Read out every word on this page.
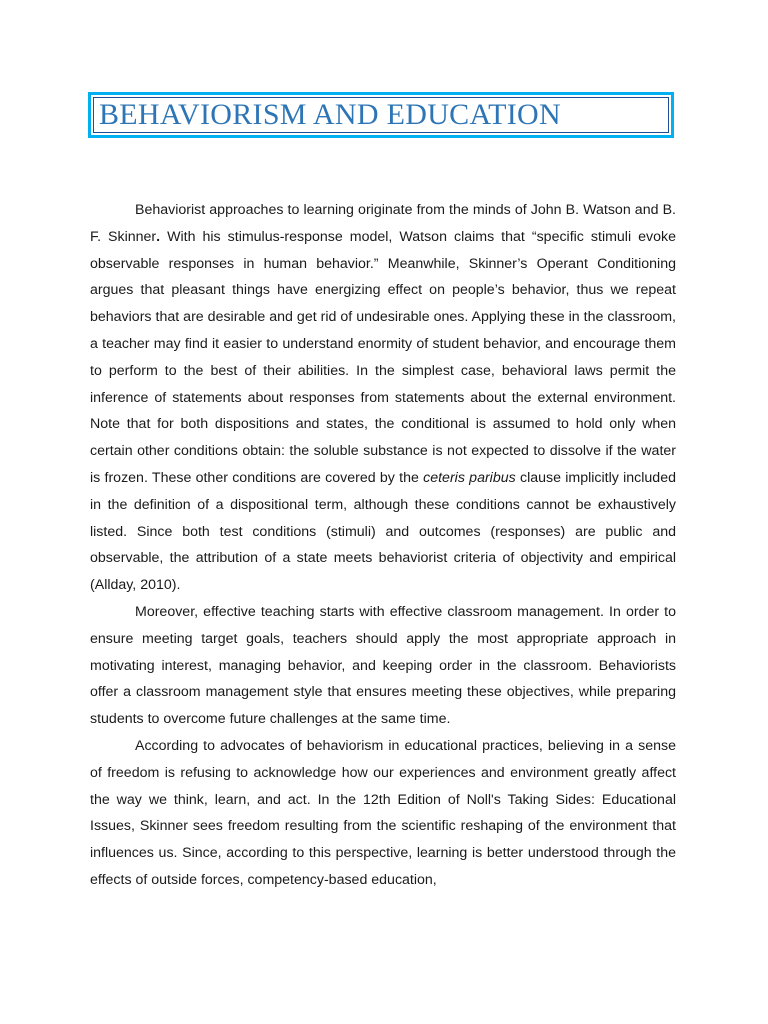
BEHAVIORISM AND EDUCATION

Behaviorist approaches to learning originate from the minds of John B. Watson and B. F. Skinner. With his stimulus-response model, Watson claims that “specific stimuli evoke observable responses in human behavior.” Meanwhile, Skinner’s Operant Conditioning argues that pleasant things have energizing effect on people’s behavior, thus we repeat behaviors that are desirable and get rid of undesirable ones. Applying these in the classroom, a teacher may find it easier to understand enormity of student behavior, and encourage them to perform to the best of their abilities. In the simplest case, behavioral laws permit the inference of statements about responses from statements about the external environment. Note that for both dispositions and states, the conditional is assumed to hold only when certain other conditions obtain: the soluble substance is not expected to dissolve if the water is frozen. These other conditions are covered by the ceteris paribus clause implicitly included in the definition of a dispositional term, although these conditions cannot be exhaustively listed. Since both test conditions (stimuli) and outcomes (responses) are public and observable, the attribution of a state meets behaviorist criteria of objectivity and empirical (Allday, 2010).

Moreover, effective teaching starts with effective classroom management. In order to ensure meeting target goals, teachers should apply the most appropriate approach in motivating interest, managing behavior, and keeping order in the classroom. Behaviorists offer a classroom management style that ensures meeting these objectives, while preparing students to overcome future challenges at the same time.

According to advocates of behaviorism in educational practices, believing in a sense of freedom is refusing to acknowledge how our experiences and environment greatly affect the way we think, learn, and act. In the 12th Edition of Noll's Taking Sides: Educational Issues, Skinner sees freedom resulting from the scientific reshaping of the environment that influences us. Since, according to this perspective, learning is better understood through the effects of outside forces, competency-based education,
